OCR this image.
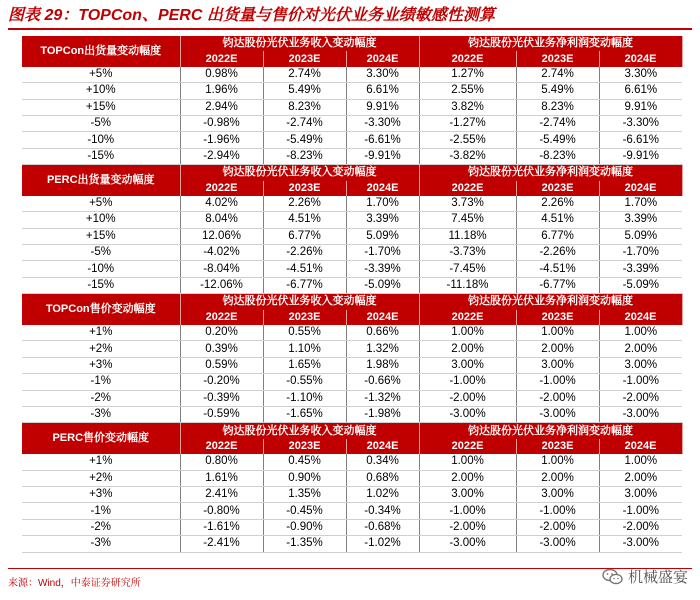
图表 29：TOPCon、PERC 出货量与售价对光伏业务业绩敏感性测算
TOPCon出货量变动幅度	钧达股份光伏业务收入变动幅度			钧达股份光伏业务净利润变动幅度		
	2022E	2023E	2024E	2022E	2023E	2024E
+5%	0.98%	2.74%	3.30%	1.27%	2.74%	3.30%
+10%	1.96%	5.49%	6.61%	2.55%	5.49%	6.61%
+15%	2.94%	8.23%	9.91%	3.82%	8.23%	9.91%
-5%	-0.98%	-2.74%	-3.30%	-1.27%	-2.74%	-3.30%
-10%	-1.96%	-5.49%	-6.61%	-2.55%	-5.49%	-6.61%
-15%	-2.94%	-8.23%	-9.91%	-3.82%	-8.23%	-9.91%
PERC出货量变动幅度	钧达股份光伏业务收入变动幅度			钧达股份光伏业务净利润变动幅度		
	2022E	2023E	2024E	2022E	2023E	2024E
+5%	4.02%	2.26%	1.70%	3.73%	2.26%	1.70%
+10%	8.04%	4.51%	3.39%	7.45%	4.51%	3.39%
+15%	12.06%	6.77%	5.09%	11.18%	6.77%	5.09%
-5%	-4.02%	-2.26%	-1.70%	-3.73%	-2.26%	-1.70%
-10%	-8.04%	-4.51%	-3.39%	-7.45%	-4.51%	-3.39%
-15%	-12.06%	-6.77%	-5.09%	-11.18%	-6.77%	-5.09%
TOPCon售价变动幅度	钧达股份光伏业务收入变动幅度			钧达股份光伏业务净利润变动幅度		
	2022E	2023E	2024E	2022E	2023E	2024E
+1%	0.20%	0.55%	0.66%	1.00%	1.00%	1.00%
+2%	0.39%	1.10%	1.32%	2.00%	2.00%	2.00%
+3%	0.59%	1.65%	1.98%	3.00%	3.00%	3.00%
-1%	-0.20%	-0.55%	-0.66%	-1.00%	-1.00%	-1.00%
-2%	-0.39%	-1.10%	-1.32%	-2.00%	-2.00%	-2.00%
-3%	-0.59%	-1.65%	-1.98%	-3.00%	-3.00%	-3.00%
PERC售价变动幅度	钧达股份光伏业务收入变动幅度			钧达股份光伏业务净利润变动幅度		
	2022E	2023E	2024E	2022E	2023E	2024E
+1%	0.80%	0.45%	0.34%	1.00%	1.00%	1.00%
+2%	1.61%	0.90%	0.68%	2.00%	2.00%	2.00%
+3%	2.41%	1.35%	1.02%	3.00%	3.00%	3.00%
-1%	-0.80%	-0.45%	-0.34%	-1.00%	-1.00%	-1.00%
-2%	-1.61%	-0.90%	-0.68%	-2.00%	-2.00%	-2.00%
-3%	-2.41%	-1.35%	-1.02%	-3.00%	-3.00%	-3.00%
来源：Wind，中泰证券研究所	机械盛宴
